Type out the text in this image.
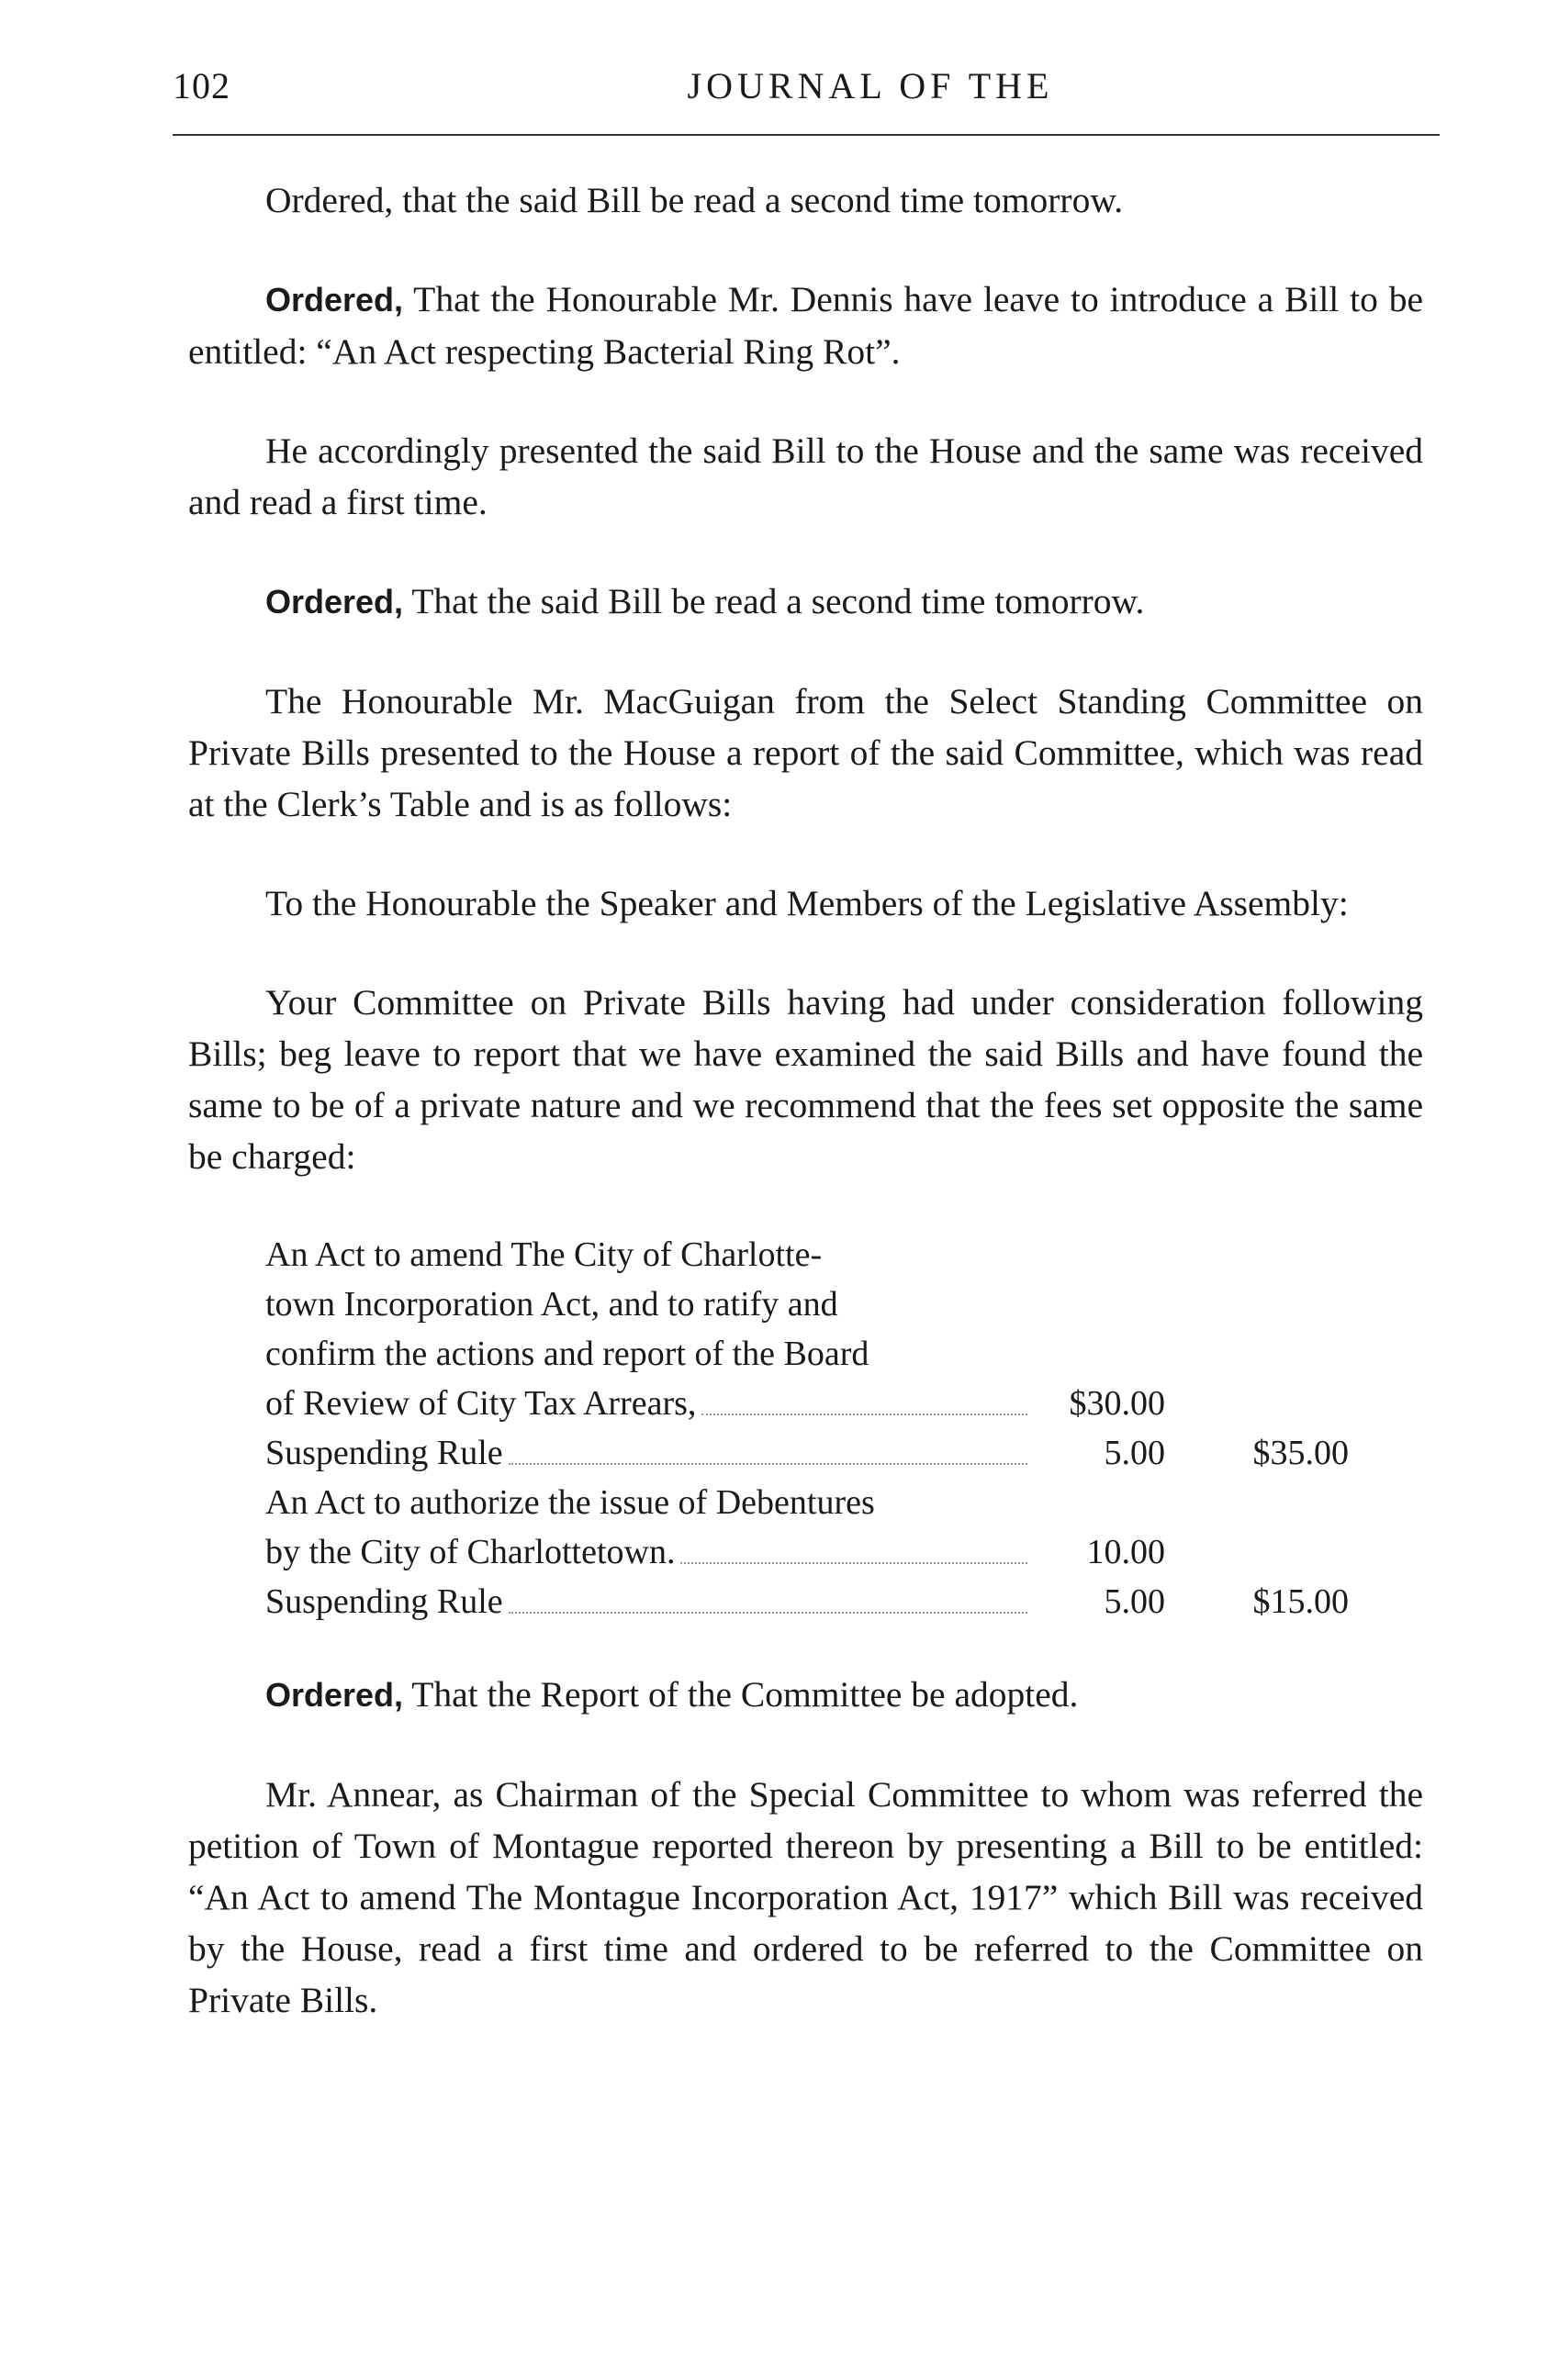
102	JOURNAL OF THE

Ordered, that the said Bill be read a second time tomorrow.

Ordered, That the Honourable Mr. Dennis have leave to introduce a Bill to be entitled: “An Act respecting Bacterial Ring Rot”.

He accordingly presented the said Bill to the House and the same was received and read a first time.

Ordered, That the said Bill be read a second time tomorrow.

The Honourable Mr. MacGuigan from the Select Standing Committee on Private Bills presented to the House a report of the said Committee, which was read at the Clerk’s Table and is as follows:

To the Honourable the Speaker and Members of the Legislative Assembly:

Your Committee on Private Bills having had under consideration following Bills; beg leave to report that we have examined the said Bills and have found the same to be of a private nature and we recommend that the fees set opposite the same be charged:

An Act to amend The City of Charlotte-
town Incorporation Act, and to ratify and
confirm the actions and report of the Board
of Review of City Tax Arrears,	$30.00
Suspending Rule	5.00	$35.00
An Act to authorize the issue of Debentures
by the City of Charlottetown.	10.00
Suspending Rule	5.00	$15.00

Ordered, That the Report of the Committee be adopted.

Mr. Annear, as Chairman of the Special Committee to whom was referred the petition of Town of Montague reported thereon by presenting a Bill to be entitled: “An Act to amend The Montague Incorporation Act, 1917” which Bill was received by the House, read a first time and ordered to be referred to the Committee on Private Bills.
